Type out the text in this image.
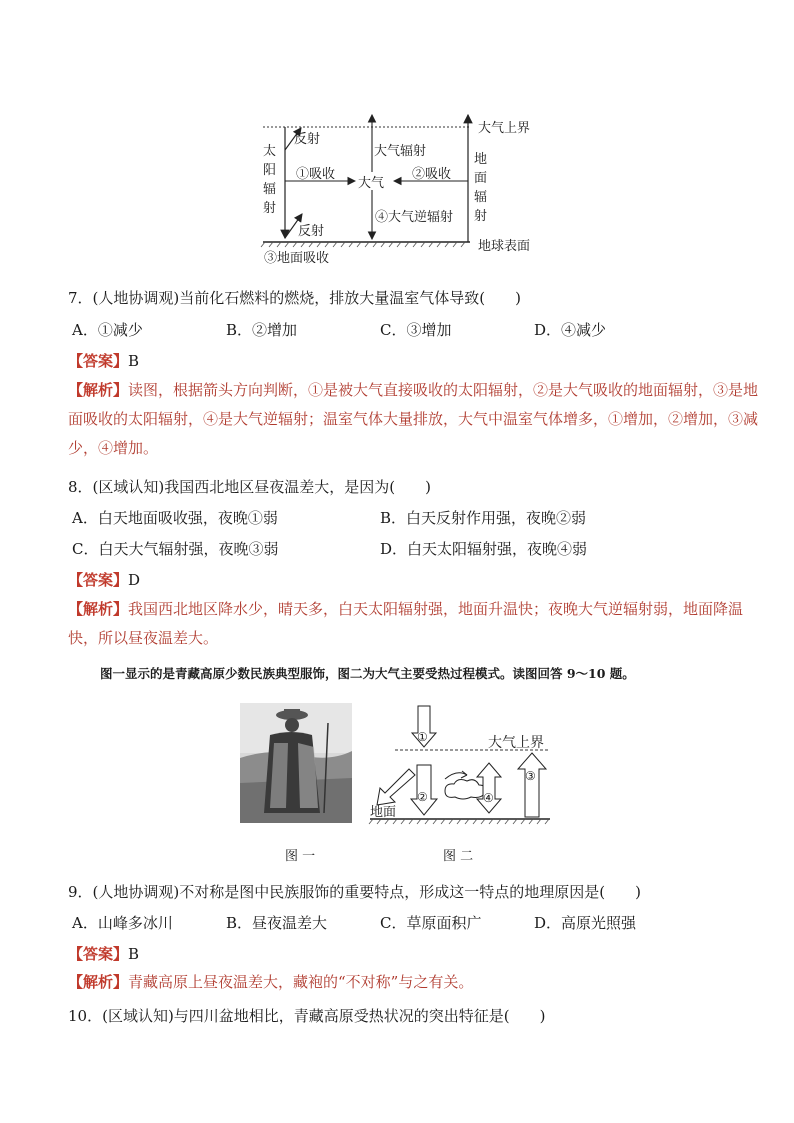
大气上界
地球表面
太阳辐射
地面辐射
反射
反射
①吸收	②吸收
大气
大气辐射
④大气逆辐射
③地面吸收
7．(人地协调观)当前化石燃料的燃烧，排放大量温室气体导致(　　)
A．①减少	B．②增加	C．③增加	D．④减少
【答案】B
【解析】读图，根据箭头方向判断，①是被大气直接吸收的太阳辐射，②是大气吸收的地面辐射，③是地
面吸收的太阳辐射，④是大气逆辐射；温室气体大量排放，大气中温室气体增多，①增加，②增加，③减
少，④增加。
8．(区域认知)我国西北地区昼夜温差大，是因为(　　)
A．白天地面吸收强，夜晚①弱	B．白天反射作用强，夜晚②弱
C．白天大气辐射强，夜晚③弱	D．白天太阳辐射强，夜晚④弱
【答案】D
【解析】我国西北地区降水少，晴天多，白天太阳辐射强，地面升温快；夜晚大气逆辐射弱，地面降温
快，所以昼夜温差大。
图一显示的是青藏高原少数民族典型服饰，图二为大气主要受热过程模式。读图回答 9～10 题。
图 一
①
②
③
④
大气上界
地面
图 二
9．(人地协调观)不对称是图中民族服饰的重要特点，形成这一特点的地理原因是(　　)
A．山峰多冰川	B．昼夜温差大	C．草原面积广	D．高原光照强
【答案】B
【解析】青藏高原上昼夜温差大，藏袍的“不对称”与之有关。
10．(区域认知)与四川盆地相比，青藏高原受热状况的突出特征是(　　)
